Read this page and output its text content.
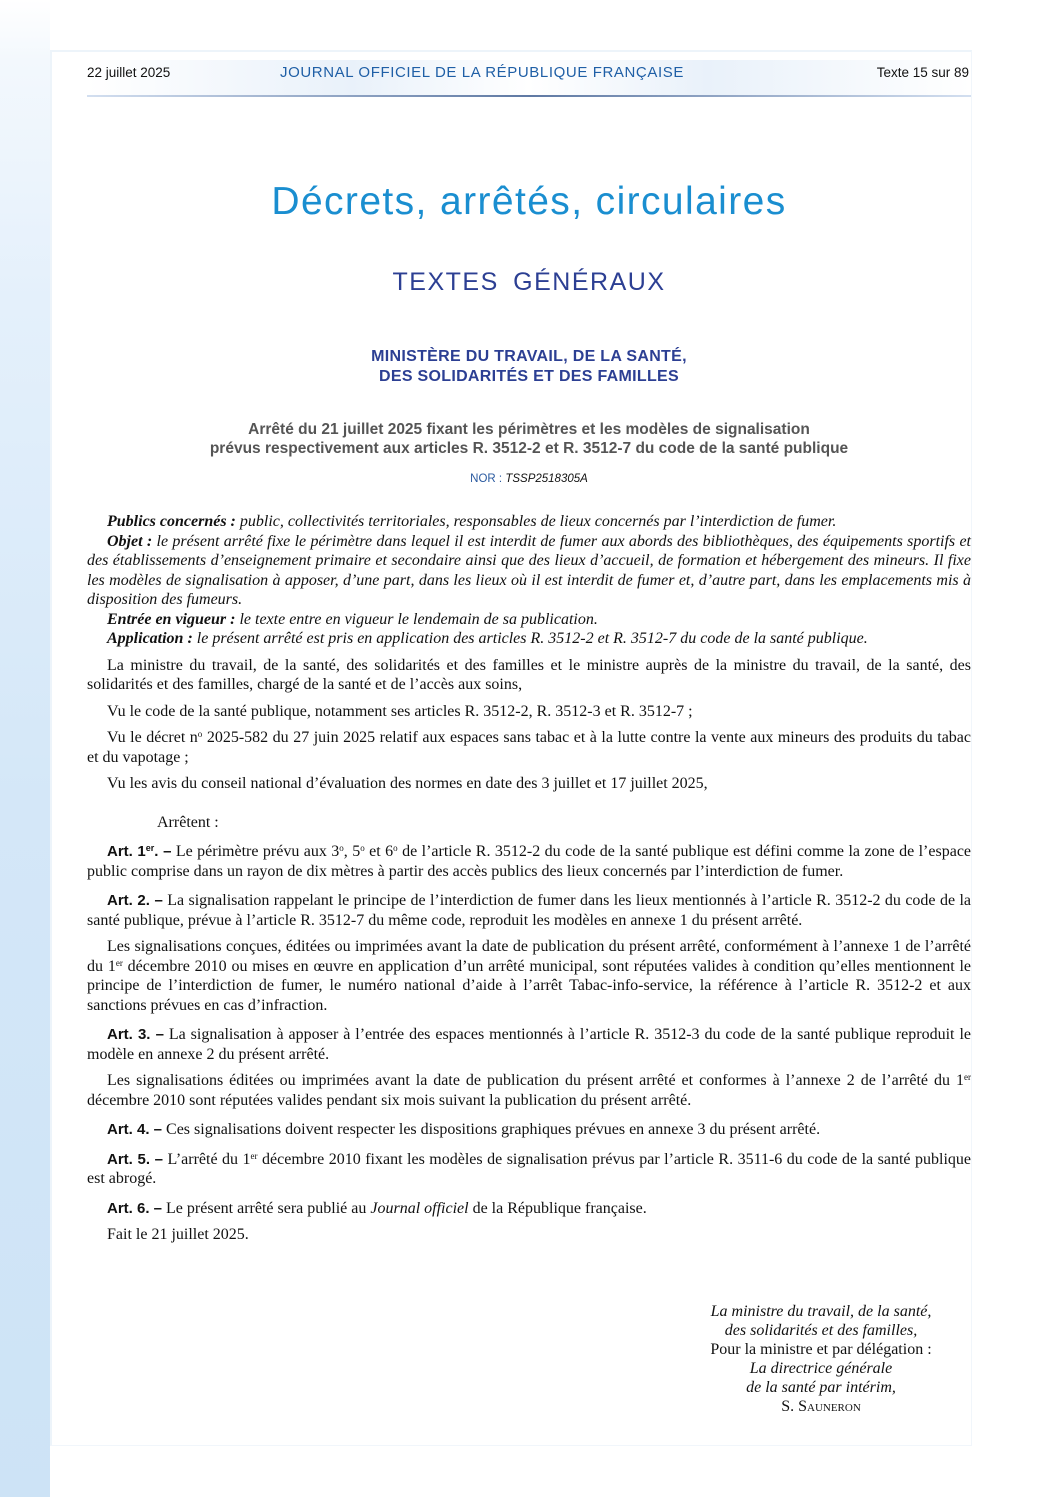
22 juillet 2025	JOURNAL OFFICIEL DE LA RÉPUBLIQUE FRANÇAISE	Texte 15 sur 89
Décrets, arrêtés, circulaires
TEXTES GÉNÉRAUX
MINISTÈRE DU TRAVAIL, DE LA SANTÉ,
DES SOLIDARITÉS ET DES FAMILLES
Arrêté du 21 juillet 2025 fixant les périmètres et les modèles de signalisation
prévus respectivement aux articles R. 3512-2 et R. 3512-7 du code de la santé publique
NOR : TSSP2518305A

Publics concernés : public, collectivités territoriales, responsables de lieux concernés par l’interdiction de fumer.

Objet : le présent arrêté fixe le périmètre dans lequel il est interdit de fumer aux abords des bibliothèques, des équipements sportifs et des établissements d’enseignement primaire et secondaire ainsi que des lieux d’accueil, de formation et hébergement des mineurs. Il fixe les modèles de signalisation à apposer, d’une part, dans les lieux où il est interdit de fumer et, d’autre part, dans les emplacements mis à disposition des fumeurs.

Entrée en vigueur : le texte entre en vigueur le lendemain de sa publication.

Application : le présent arrêté est pris en application des articles R. 3512-2 et R. 3512-7 du code de la santé publique.

La ministre du travail, de la santé, des solidarités et des familles et le ministre auprès de la ministre du travail, de la santé, des solidarités et des familles, chargé de la santé et de l’accès aux soins,

Vu le code de la santé publique, notamment ses articles R. 3512-2, R. 3512-3 et R. 3512-7 ;

Vu le décret $n^o$ 2025-582 du 27 juin 2025 relatif aux espaces sans tabac et à la lutte contre la vente aux mineurs des produits du tabac et du vapotage ;

Vu les avis du conseil national d’évaluation des normes en date des 3 juillet et 17 juillet 2025,

Arrêtent :

Art. 1er. – Le périmètre prévu aux 3$^o$, 5$^o$ et 6$^o$ de l’article R. 3512-2 du code de la santé publique est défini comme la zone de l’espace public comprise dans un rayon de dix mètres à partir des accès publics des lieux concernés par l’interdiction de fumer.

Art. 2. – La signalisation rappelant le principe de l’interdiction de fumer dans les lieux mentionnés à l’article R. 3512-2 du code de la santé publique, prévue à l’article R. 3512-7 du même code, reproduit les modèles en annexe 1 du présent arrêté.

Les signalisations conçues, éditées ou imprimées avant la date de publication du présent arrêté, conformément à l’annexe 1 de l’arrêté du 1er décembre 2010 ou mises en œuvre en application d’un arrêté municipal, sont réputées valides à condition qu’elles mentionnent le principe de l’interdiction de fumer, le numéro national d’aide à l’arrêt Tabac-info-service, la référence à l’article R. 3512-2 et aux sanctions prévues en cas d’infraction.

Art. 3. – La signalisation à apposer à l’entrée des espaces mentionnés à l’article R. 3512-3 du code de la santé publique reproduit le modèle en annexe 2 du présent arrêté.

Les signalisations éditées ou imprimées avant la date de publication du présent arrêté et conformes à l’annexe 2 de l’arrêté du 1er décembre 2010 sont réputées valides pendant six mois suivant la publication du présent arrêté.

Art. 4. – Ces signalisations doivent respecter les dispositions graphiques prévues en annexe 3 du présent arrêté.

Art. 5. – L’arrêté du 1er décembre 2010 fixant les modèles de signalisation prévus par l’article R. 3511-6 du code de la santé publique est abrogé.

Art. 6. – Le présent arrêté sera publié au Journal officiel de la République française.

Fait le 21 juillet 2025.

La ministre du travail, de la santé,
des solidarités et des familles,
Pour la ministre et par délégation :
La directrice générale
de la santé par intérim,
S. Sauneron
